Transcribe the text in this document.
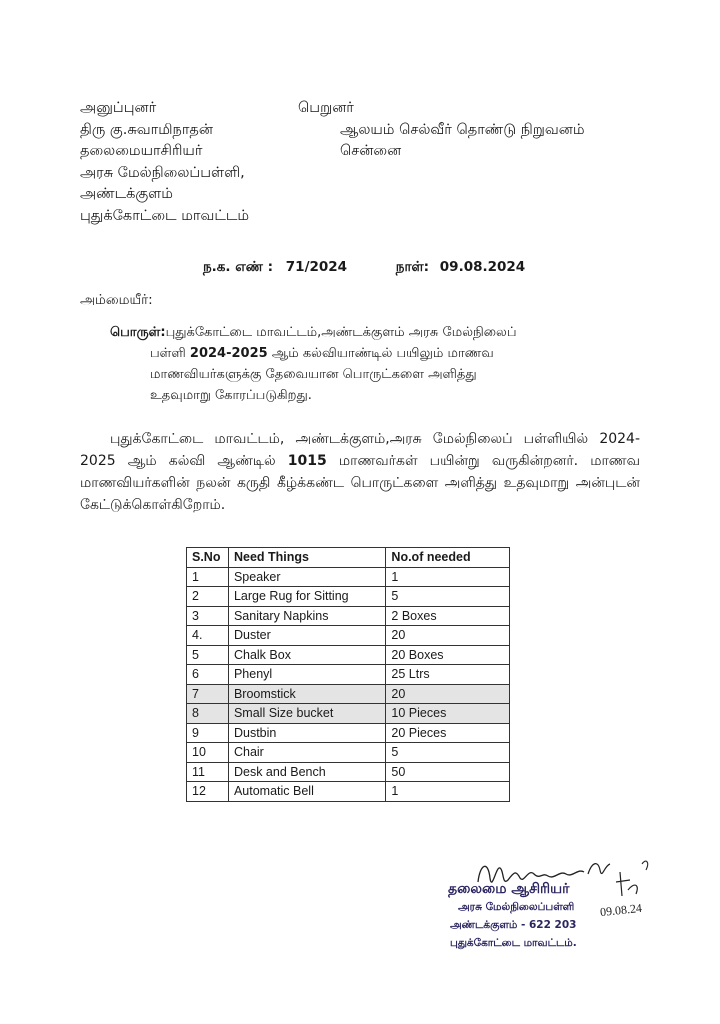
அனுப்புனர்
திரு கு.சுவாமிநாதன்
தலைமையாசிரியர்
அரசு மேல்நிலைப்பள்ளி,
அண்டக்குளம்
புதுக்கோட்டை மாவட்டம்
பெறுனர்
ஆலயம் செல்வீர் தொண்டு நிறுவனம்
சென்னை
ந.க. எண் : 71/2024	நாள்: 09.08.2024
அம்மையீர்:
பொருள்:புதுக்கோட்டை மாவட்டம்,அண்டக்குளம் அரசு மேல்நிலைப்
பள்ளி 2024-2025 ஆம் கல்வியாண்டில் பயிலும் மாணவ
மாணவியர்களுக்கு தேவையான பொருட்களை அளித்து
உதவுமாறு கோரப்படுகிறது.
புதுக்கோட்டை மாவட்டம், அண்டக்குளம்,அரசு மேல்நிலைப் பள்ளியில் 2024-2025 ஆம் கல்வி ஆண்டில் 1015 மாணவர்கள் பயின்று வருகின்றனர். மாணவ மாணவியர்களின் நலன் கருதி கீழ்க்கண்ட பொருட்களை அளித்து உதவுமாறு அன்புடன் கேட்டுக்கொள்கிறோம்.
S.No	Need Things	No.of needed
1	Speaker	1
2	Large Rug for Sitting	5
3	Sanitary Napkins	2 Boxes
4.	Duster	20
5	Chalk Box	20 Boxes
6	Phenyl	25 Ltrs
7	Broomstick	20
8	Small Size bucket	10 Pieces
9	Dustbin	20 Pieces
10	Chair	5
11	Desk and Bench	50
12	Automatic Bell	1
09.08.24
தலைமை ஆசிரியர்
அரசு மேல்நிலைப்பள்ளி
அண்டக்குளம் - 622 203
புதுக்கோட்டை மாவட்டம்.
